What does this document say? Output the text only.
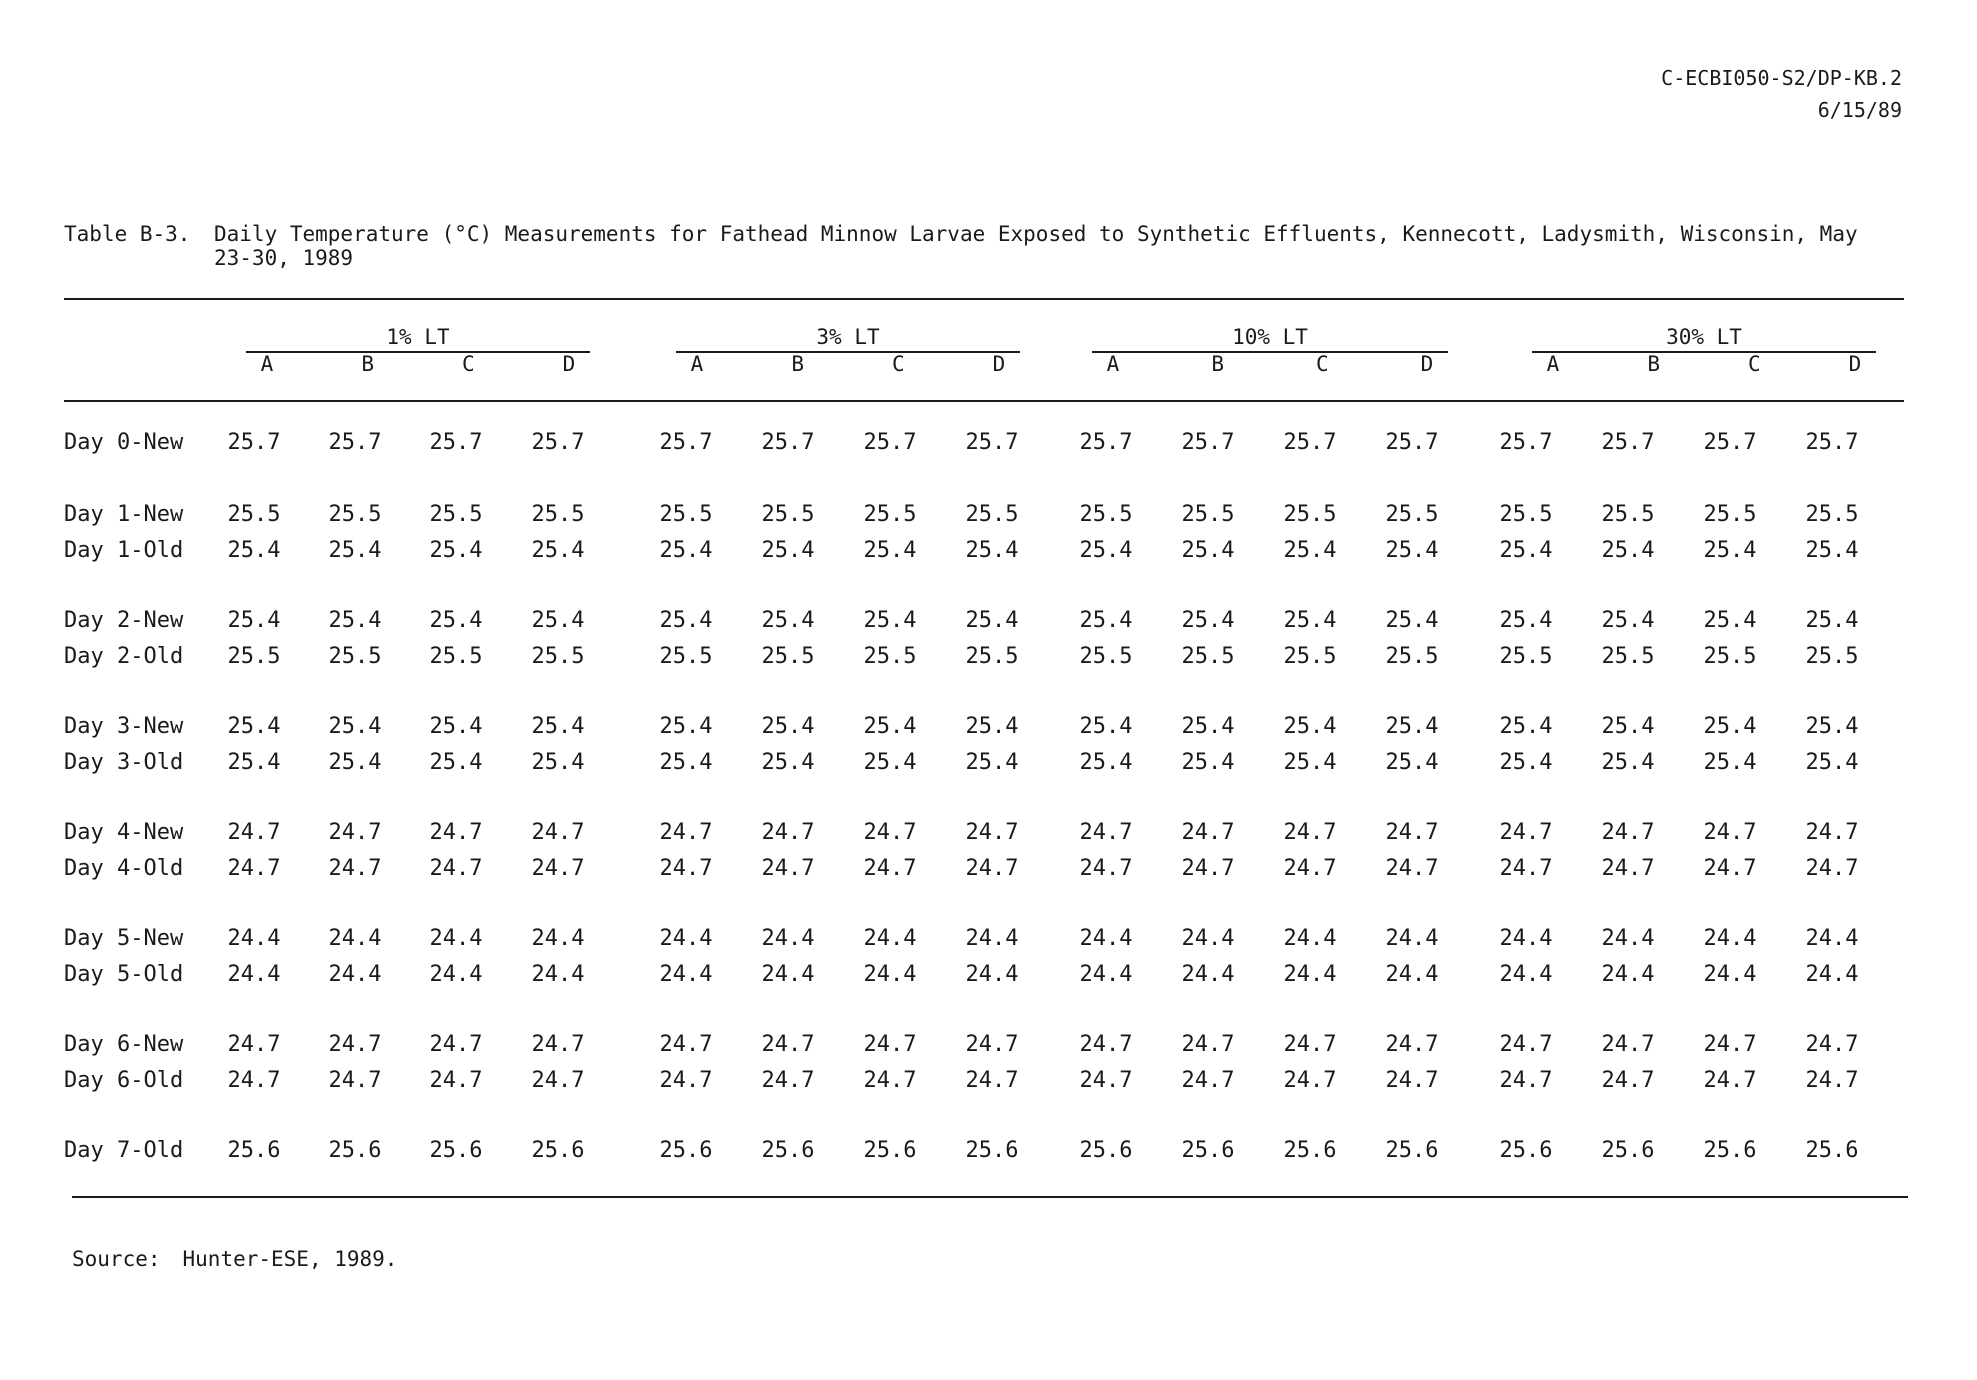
C-ECBI050-S2/DP-KB.2
6/15/89
Table B-3.	Daily Temperature (°C) Measurements for Fathead Minnow Larvae Exposed to Synthetic Effluents, Kennecott, Ladysmith, Wisconsin, May 23-30, 1989
1% LT
A	B	C	D
3% LT
A	B	C	D
10% LT
A	B	C	D
30% LT
A	B	C	D
Day 0-New 25.7 25.7 25.7 25.7	25.7 25.7 25.7 25.7	25.7 25.7 25.7 25.7	25.7 25.7 25.7 25.7
Day 1-New 25.5 25.5 25.5 25.5	25.5 25.5 25.5 25.5	25.5 25.5 25.5 25.5	25.5 25.5 25.5 25.5
Day 1-Old 25.4 25.4 25.4 25.4	25.4 25.4 25.4 25.4	25.4 25.4 25.4 25.4	25.4 25.4 25.4 25.4
Day 2-New 25.4 25.4 25.4 25.4	25.4 25.4 25.4 25.4	25.4 25.4 25.4 25.4	25.4 25.4 25.4 25.4
Day 2-Old 25.5 25.5 25.5 25.5	25.5 25.5 25.5 25.5	25.5 25.5 25.5 25.5	25.5 25.5 25.5 25.5
Day 3-New 25.4 25.4 25.4 25.4	25.4 25.4 25.4 25.4	25.4 25.4 25.4 25.4	25.4 25.4 25.4 25.4
Day 3-Old 25.4 25.4 25.4 25.4	25.4 25.4 25.4 25.4	25.4 25.4 25.4 25.4	25.4 25.4 25.4 25.4
Day 4-New 24.7 24.7 24.7 24.7	24.7 24.7 24.7 24.7	24.7 24.7 24.7 24.7	24.7 24.7 24.7 24.7
Day 4-Old 24.7 24.7 24.7 24.7	24.7 24.7 24.7 24.7	24.7 24.7 24.7 24.7	24.7 24.7 24.7 24.7
Day 5-New 24.4 24.4 24.4 24.4	24.4 24.4 24.4 24.4	24.4 24.4 24.4 24.4	24.4 24.4 24.4 24.4
Day 5-Old 24.4 24.4 24.4 24.4	24.4 24.4 24.4 24.4	24.4 24.4 24.4 24.4	24.4 24.4 24.4 24.4
Day 6-New 24.7 24.7 24.7 24.7	24.7 24.7 24.7 24.7	24.7 24.7 24.7 24.7	24.7 24.7 24.7 24.7
Day 6-Old 24.7 24.7 24.7 24.7	24.7 24.7 24.7 24.7	24.7 24.7 24.7 24.7	24.7 24.7 24.7 24.7
Day 7-Old 25.6 25.6 25.6 25.6	25.6 25.6 25.6 25.6	25.6 25.6 25.6 25.6	25.6 25.6 25.6 25.6
Source: Hunter-ESE, 1989.
